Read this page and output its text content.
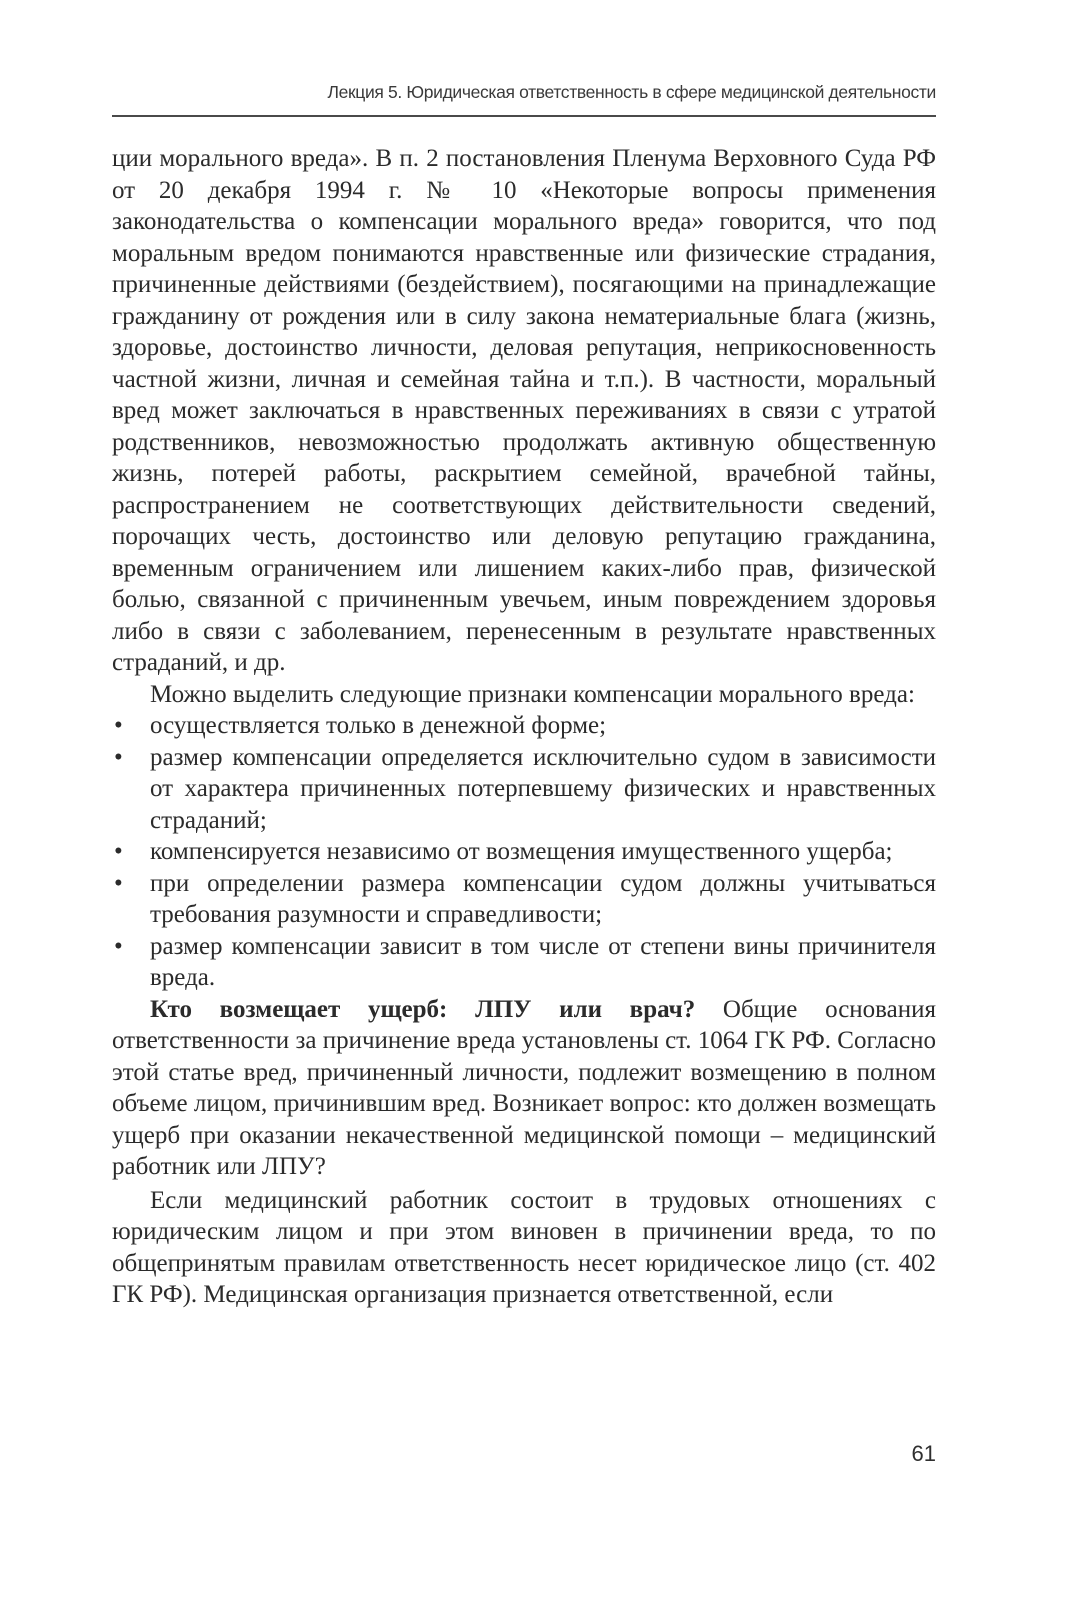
Лекция 5. Юридическая ответственность в сфере медицинской деятельности

ции морального вреда». В п. 2 постановления Пленума Верховного Суда РФ от 20 декабря 1994 г. № 10 «Некоторые вопросы применения законодательства о компенсации морального вреда» говорится, что под моральным вредом понимаются нравственные или физические страдания, причиненные действиями (бездействием), посягающими на принадлежащие гражданину от рождения или в силу закона нематериальные блага (жизнь, здоровье, достоинство личности, деловая репутация, неприкосновенность частной жизни, личная и семейная тайна и т.п.). В частности, моральный вред может заключаться в нравственных переживаниях в связи с утратой родственников, невозможностью продолжать активную общественную жизнь, потерей работы, раскрытием семейной, врачебной тайны, распространением не соответствующих действительности сведений, порочащих честь, достоинство или деловую репутацию гражданина, временным ограничением или лишением каких-либо прав, физической болью, связанной с причиненным увечьем, иным повреждением здоровья либо в связи с заболеванием, перенесенным в результате нравственных страданий, и др.

Можно выделить следующие признаки компенсации морального вреда:

• осуществляется только в денежной форме;
• размер компенсации определяется исключительно судом в зависимости от характера причиненных потерпевшему физических и нравственных страданий;
• компенсируется независимо от возмещения имущественного ущерба;
• при определении размера компенсации судом должны учитываться требования разумности и справедливости;
• размер компенсации зависит в том числе от степени вины причинителя вреда.

Кто возмещает ущерб: ЛПУ или врач? Общие основания ответственности за причинение вреда установлены ст. 1064 ГК РФ. Согласно этой статье вред, причиненный личности, подлежит возмещению в полном объеме лицом, причинившим вред. Возникает вопрос: кто должен возмещать ущерб при оказании некачественной медицинской помощи – медицинский работник или ЛПУ?

Если медицинский работник состоит в трудовых отношениях с юридическим лицом и при этом виновен в причинении вреда, то по общепринятым правилам ответственность несет юридическое лицо (ст. 402 ГК РФ). Медицинская организация признается ответственной, если

61
